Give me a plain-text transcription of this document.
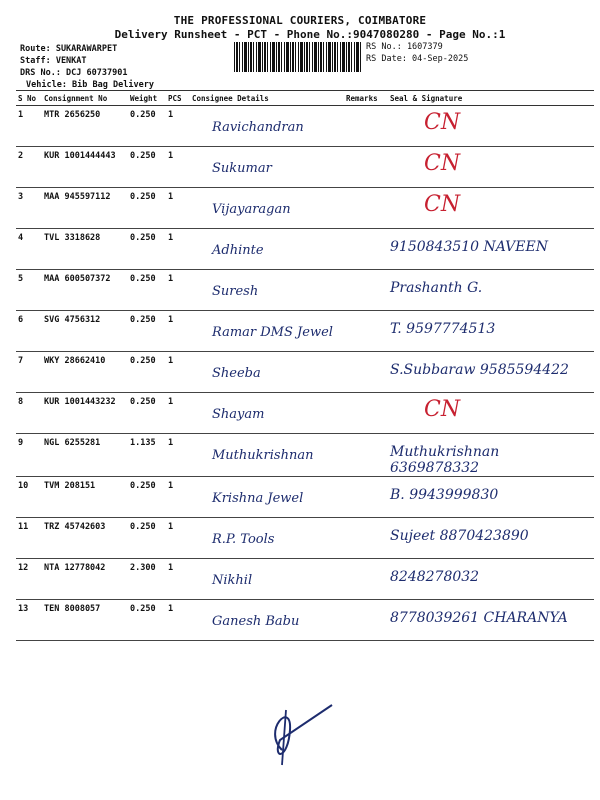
THE PROFESSIONAL COURIERS, COIMBATORE
Delivery Runsheet - PCT - Phone No.:9047080280 - Page No.:1
Route: SUKARAWARPET
Staff: VENKAT
DRS No.: DCJ 60737901
Vehicle: Bib Bag Delivery
RS No.: 1607379
RS Date: 04-Sep-2025
S No	Consignment No	Weight	PCS	Consignee Details	Remarks	Seal & Signature
1	MTR 2656250	0.250	1	Ravichandran		CN
2	KUR 1001444443	0.250	1	Sukumar		CN
3	MAA 945597112	0.250	1	Vijayaragan		CN
4	TVL 3318628	0.250	1	Adhinte		9150843510 NAVEEN
5	MAA 600507372	0.250	1	Suresh		Prashanth G.
6	SVG 4756312	0.250	1	Ramar DMS Jewel		T. 9597774513
7	WKY 28662410	0.250	1	Sheeba		S.Subbaraw 9585594422
8	KUR 1001443232	0.250	1	Shayam		CN
9	NGL 6255281	1.135	1	Muthukrishnan		Muthukrishnan 6369878332
10	TVM 208151	0.250	1	Krishna Jewel		B. 9943999830
11	TRZ 45742603	0.250	1	R.P. Tools		Sujeet 8870423890
12	NTA 12778042	2.300	1	Nikhil		8248278032
13	TEN 8008057	0.250	1	Ganesh Babu		8778039261 CHARANYA
